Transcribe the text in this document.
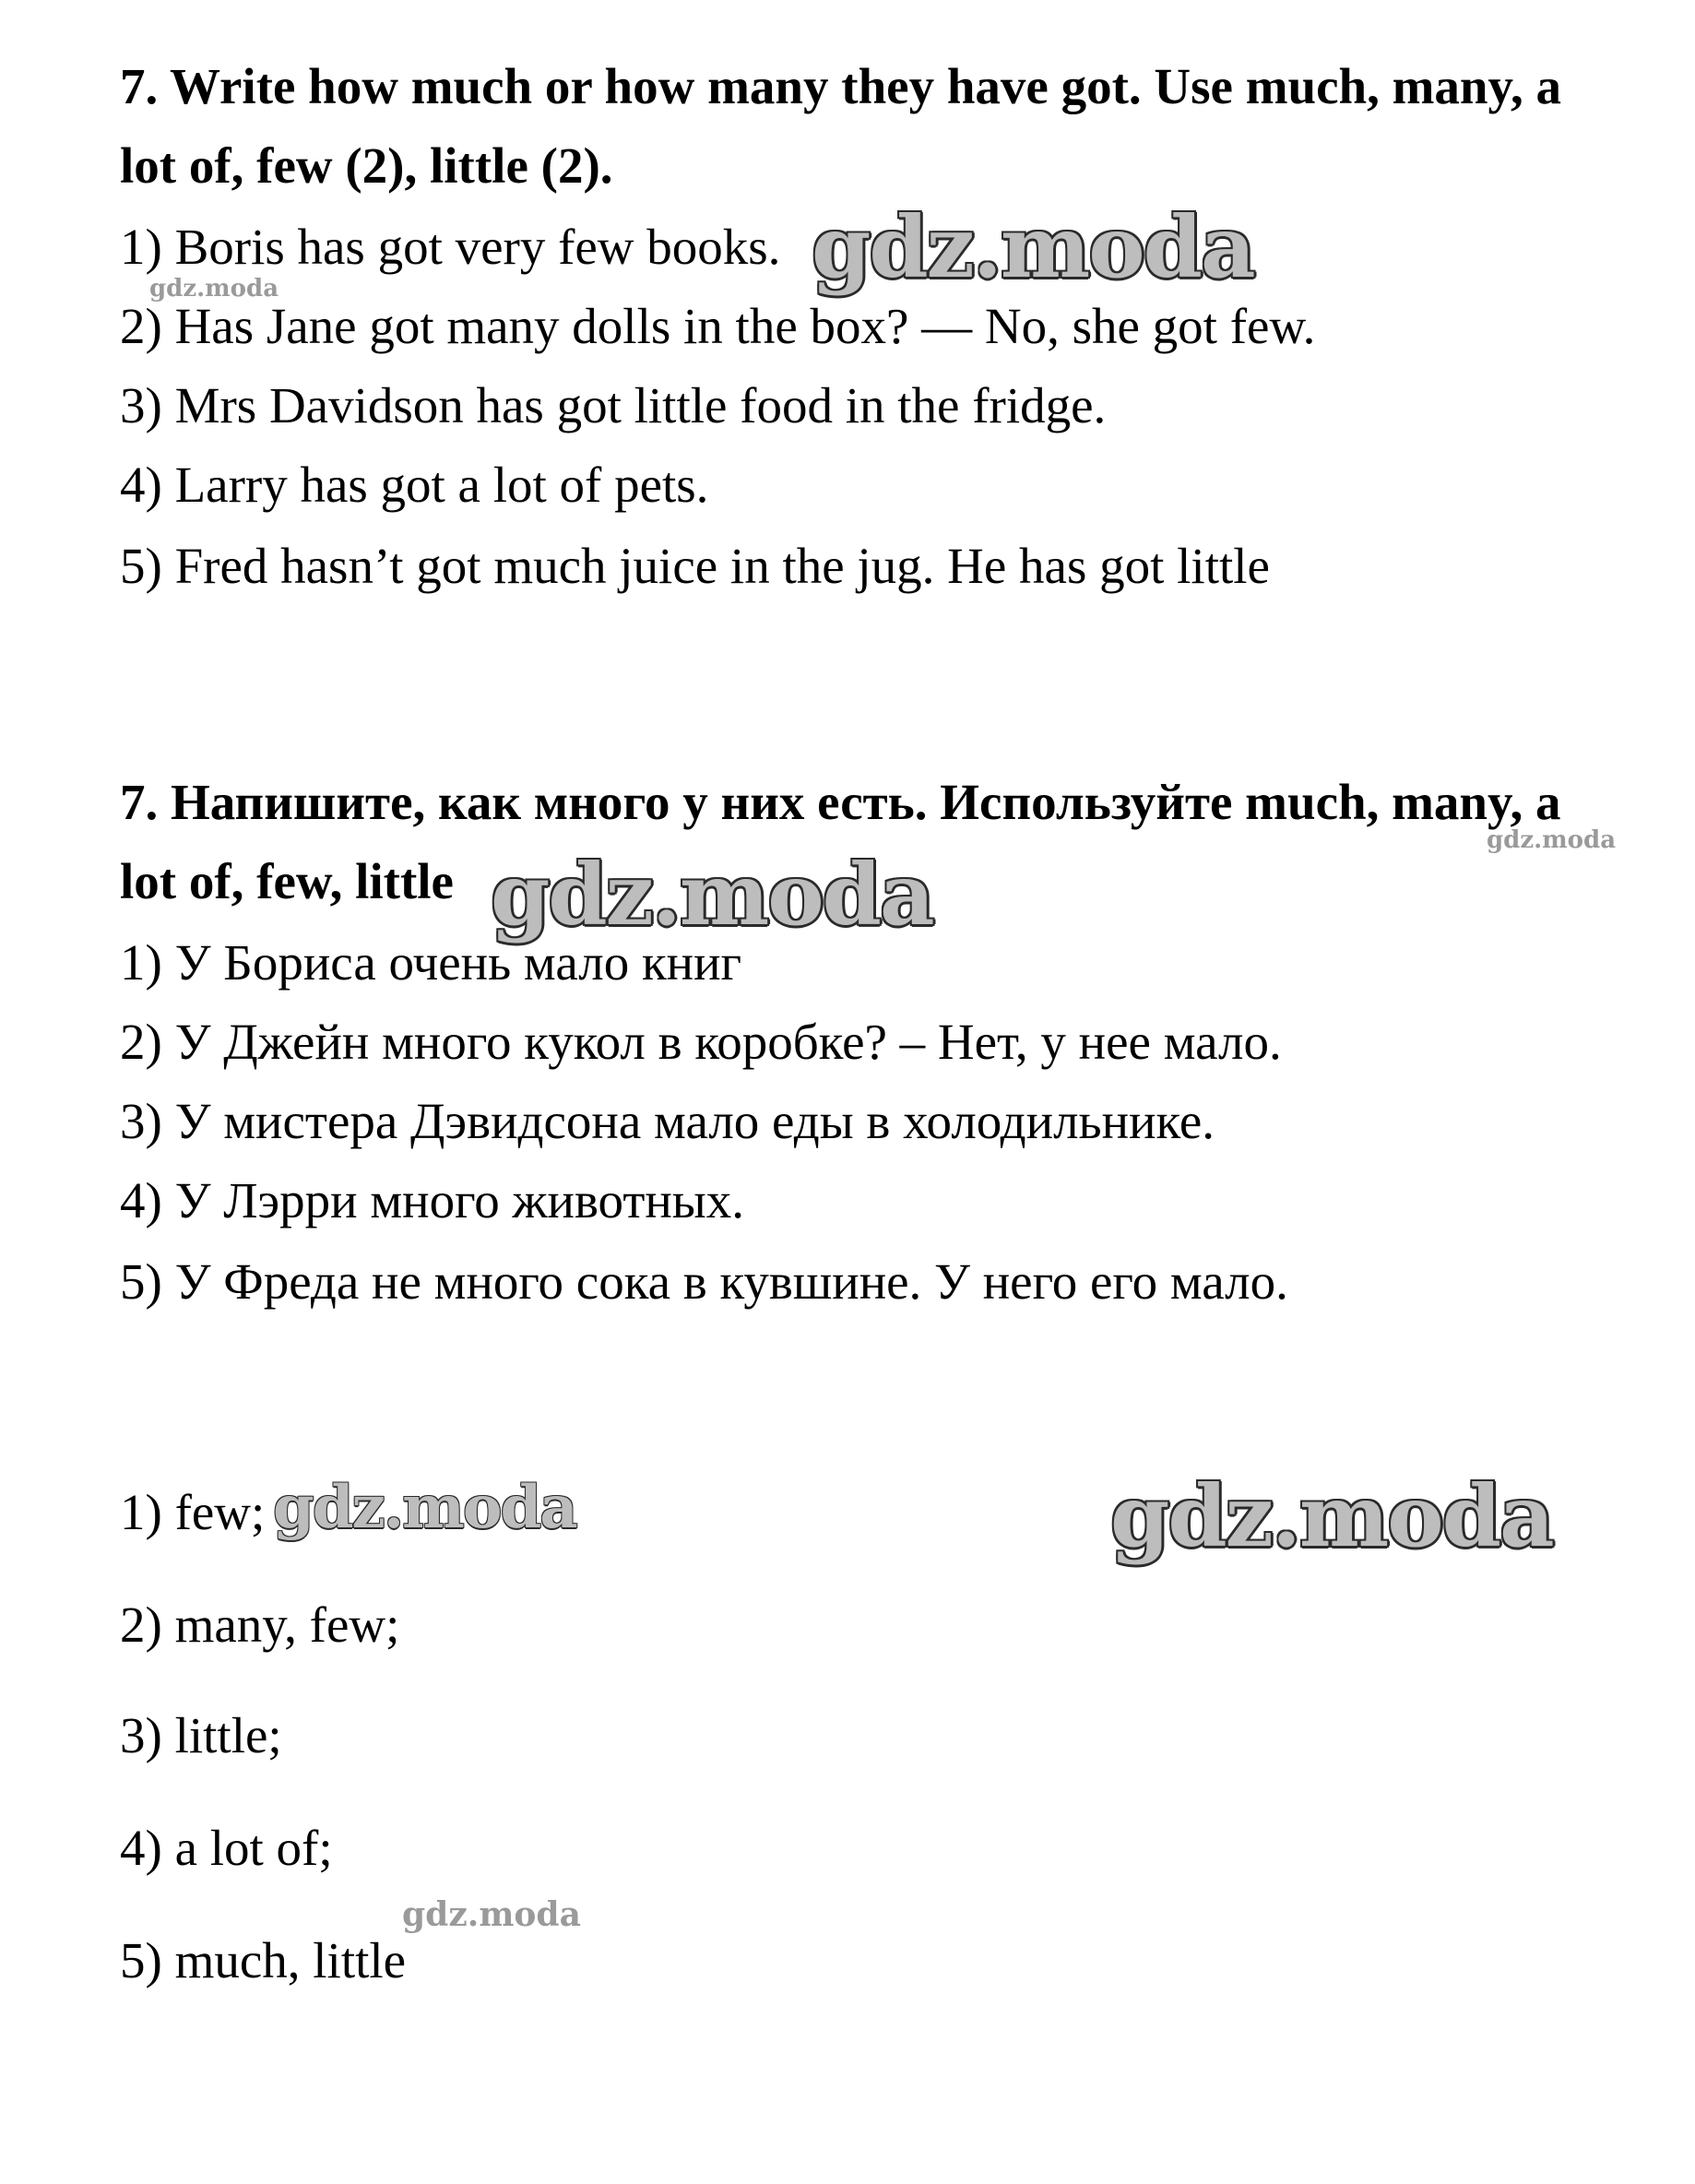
7. Write how much or how many they have got. Use much, many, a
lot of, few (2), little (2).
1) Boris has got very few books.
2) Has Jane got many dolls in the box? — No, she got few.
3) Mrs Davidson has got little food in the fridge.
4) Larry has got a lot of pets.
5) Fred hasn’t got much juice in the jug. He has got little
7. Напишите, как много у них есть. Используйте much, many, a
lot of, few, little
1) У Бориса очень мало книг
2) У Джейн много кукол в коробке? – Нет, у нее мало.
3) У мистера Дэвидсона мало еды в холодильнике.
4) У Лэрри много животных.
5) У Фреда не много сока в кувшине. У него его мало.
1) few;
2) many, few;
3) little;
4) a lot of;
5) much, little
gdz.moda
gdz.moda
gdz.moda
gdz.moda
gdz.moda	gdz.moda
gdz.moda
